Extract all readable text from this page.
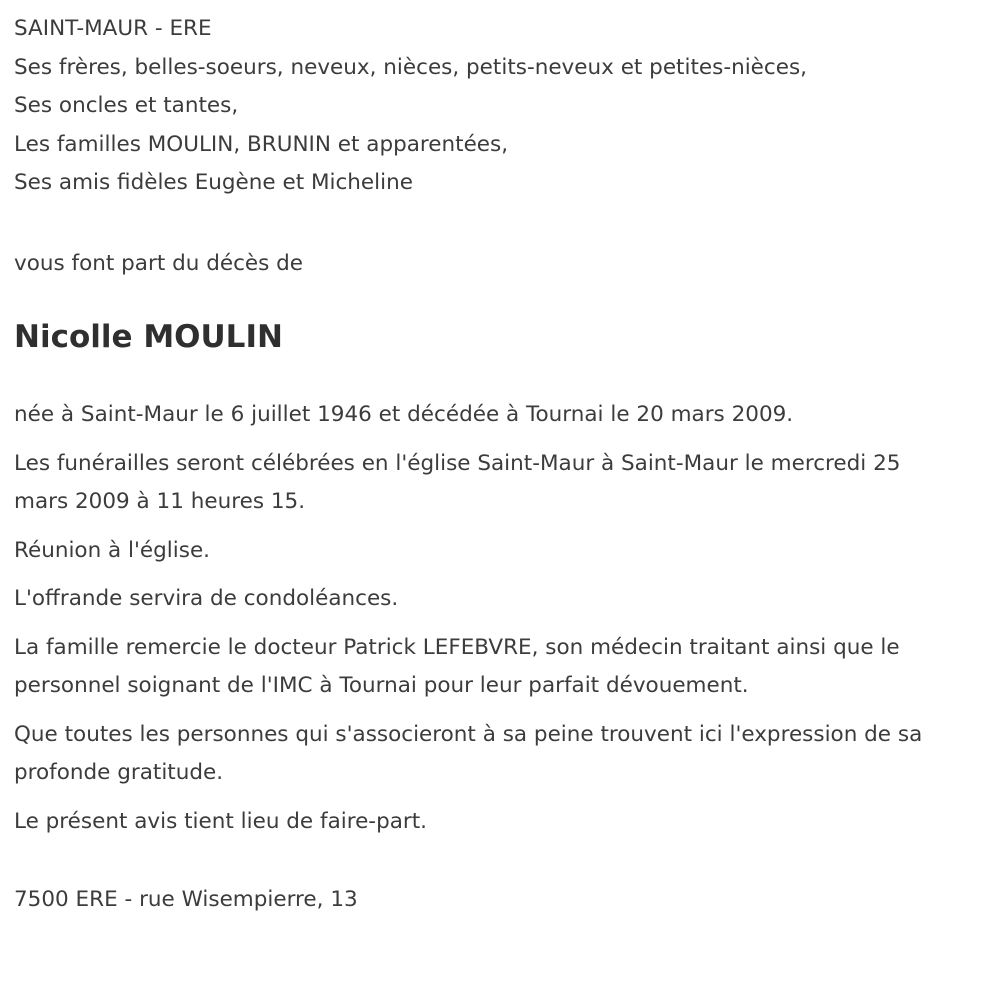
SAINT-MAUR - ERE
Ses frères, belles-soeurs, neveux, nièces, petits-neveux et petites-nièces,
Ses oncles et tantes,
Les familles MOULIN, BRUNIN et apparentées,
Ses amis fidèles Eugène et Micheline
vous font part du décès de
Nicolle MOULIN

née à Saint-Maur le 6 juillet 1946 et décédée à Tournai le 20 mars 2009.

Les funérailles seront célébrées en l'église Saint-Maur à Saint-Maur le mercredi 25 mars 2009 à 11 heures 15.

Réunion à l'église.

L'offrande servira de condoléances.

La famille remercie le docteur Patrick LEFEBVRE, son médecin traitant ainsi que le personnel soignant de l'IMC à Tournai pour leur parfait dévouement.

Que toutes les personnes qui s'associeront à sa peine trouvent ici l'expression de sa profonde gratitude.

Le présent avis tient lieu de faire-part.

7500 ERE - rue Wisempierre, 13
